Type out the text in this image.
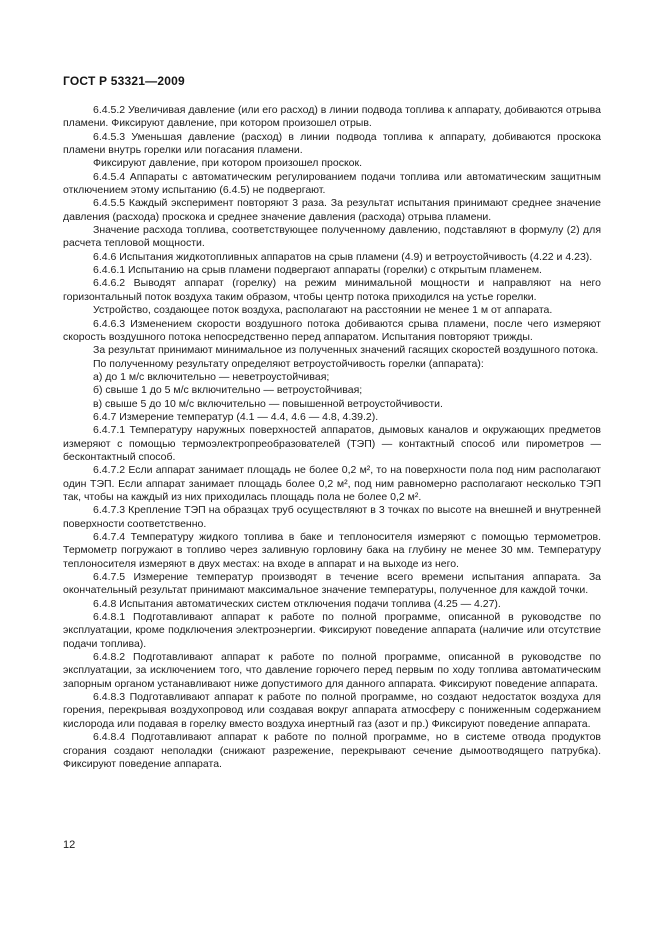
ГОСТ Р 53321—2009

6.4.5.2 Увеличивая давление (или его расход) в линии подвода топлива к аппарату, добиваются отрыва пламени. Фиксируют давление, при котором произошел отрыв.

6.4.5.3 Уменьшая давление (расход) в линии подвода топлива к аппарату, добиваются проскока пламени внутрь горелки или погасания пламени.

Фиксируют давление, при котором произошел проскок.

6.4.5.4 Аппараты с автоматическим регулированием подачи топлива или автоматическим защитным отключением этому испытанию (6.4.5) не подвергают.

6.4.5.5 Каждый эксперимент повторяют 3 раза. За результат испытания принимают среднее значение давления (расхода) проскока и среднее значение давления (расхода) отрыва пламени.

Значение расхода топлива, соответствующее полученному давлению, подставляют в формулу (2) для расчета тепловой мощности.

6.4.6 Испытания жидкотопливных аппаратов на срыв пламени (4.9) и ветроустойчивость (4.22 и 4.23).

6.4.6.1 Испытанию на срыв пламени подвергают аппараты (горелки) с открытым пламенем.

6.4.6.2 Выводят аппарат (горелку) на режим минимальной мощности и направляют на него горизонтальный поток воздуха таким образом, чтобы центр потока приходился на устье горелки.

Устройство, создающее поток воздуха, располагают на расстоянии не менее 1 м от аппарата.

6.4.6.3 Изменением скорости воздушного потока добиваются срыва пламени, после чего измеряют скорость воздушного потока непосредственно перед аппаратом. Испытания повторяют трижды.

За результат принимают минимальное из полученных значений гасящих скоростей воздушного потока.

По полученному результату определяют ветроустойчивость горелки (аппарата):

а) до 1 м/с включительно — неветроустойчивая;

б) свыше 1 до 5 м/с включительно — ветроустойчивая;

в) свыше 5 до 10 м/с включительно — повышенной ветроустойчивости.

6.4.7 Измерение температур (4.1 — 4.4, 4.6 — 4.8, 4.39.2).

6.4.7.1 Температуру наружных поверхностей аппаратов, дымовых каналов и окружающих предметов измеряют с помощью термоэлектропреобразователей (ТЭП) — контактный способ или пирометров — бесконтактный способ.

6.4.7.2 Если аппарат занимает площадь не более 0,2 м², то на поверхности пола под ним располагают один ТЭП. Если аппарат занимает площадь более 0,2 м², под ним равномерно располагают несколько ТЭП так, чтобы на каждый из них приходилась площадь пола не более 0,2 м².

6.4.7.3 Крепление ТЭП на образцах труб осуществляют в 3 точках по высоте на внешней и внутренней поверхности соответственно.

6.4.7.4 Температуру жидкого топлива в баке и теплоносителя измеряют с помощью термометров. Термометр погружают в топливо через заливную горловину бака на глубину не менее 30 мм. Температуру теплоносителя измеряют в двух местах: на входе в аппарат и на выходе из него.

6.4.7.5 Измерение температур производят в течение всего времени испытания аппарата. За окончательный результат принимают максимальное значение температуры, полученное для каждой точки.

6.4.8 Испытания автоматических систем отключения подачи топлива (4.25 — 4.27).

6.4.8.1 Подготавливают аппарат к работе по полной программе, описанной в руководстве по эксплуатации, кроме подключения электроэнергии. Фиксируют поведение аппарата (наличие или отсутствие подачи топлива).

6.4.8.2 Подготавливают аппарат к работе по полной программе, описанной в руководстве по эксплуатации, за исключением того, что давление горючего перед первым по ходу топлива автоматическим запорным органом устанавливают ниже допустимого для данного аппарата. Фиксируют поведение аппарата.

6.4.8.3 Подготавливают аппарат к работе по полной программе, но создают недостаток воздуха для горения, перекрывая воздухопровод или создавая вокруг аппарата атмосферу с пониженным содержанием кислорода или подавая в горелку вместо воздуха инертный газ (азот и пр.) Фиксируют поведение аппарата.

6.4.8.4 Подготавливают аппарат к работе по полной программе, но в системе отвода продуктов сгорания создают неполадки (снижают разрежение, перекрывают сечение дымоотводящего патрубка). Фиксируют поведение аппарата.

12
